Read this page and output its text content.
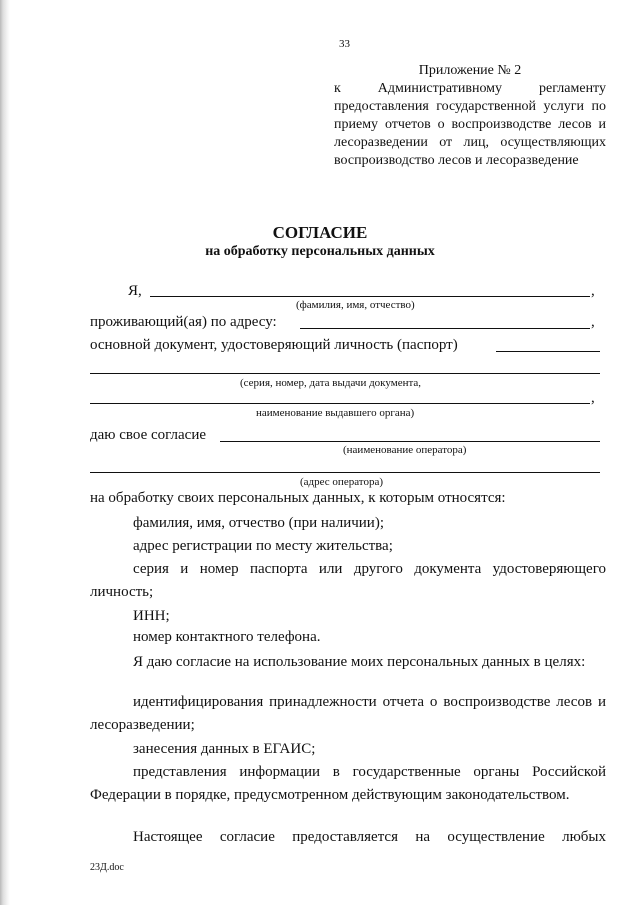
33
Приложение № 2
к Административному регламенту предоставления государственной услуги по приему отчетов о воспроизводстве лесов и лесоразведении от лиц, осуществляющих воспроизводство лесов и лесоразведение
СОГЛАСИЕ
на обработку персональных данных
Я,	,
(фамилия, имя, отчество)
проживающий(ая) по адресу:	,
основной документ, удостоверяющий личность (паспорт)
(серия, номер, дата выдачи документа,
,
наименование выдавшего органа)
даю свое согласие
(наименование оператора)
(адрес оператора)
на обработку своих персональных данных, к которым относятся:
фамилия, имя, отчество (при наличии);
адрес регистрации по месту жительства;
серия и номер паспорта или другого документа удостоверяющего личность;
ИНН;
номер контактного телефона.
Я даю согласие на использование моих персональных данных в целях:
идентифицирования принадлежности отчета о воспроизводстве лесов и лесоразведении;
занесения данных в ЕГАИС;
представления информации в государственные органы Российской Федерации в порядке, предусмотренном действующим законодательством.
Настоящее согласие предоставляется на осуществление любых
23Д.doc
